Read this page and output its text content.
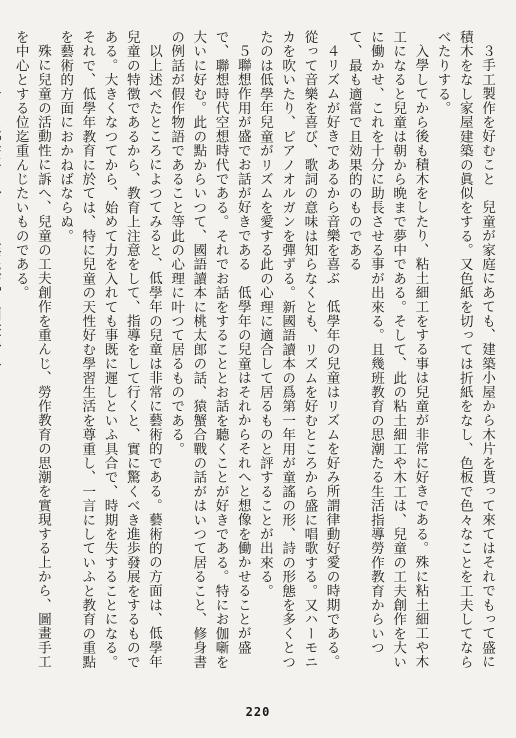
３手工製作を好むこと　兒童が家庭にあても、建築小屋から木片を貰って來てはそれでもって盛に積木をなし家屋建築の眞似をする。又色紙を切っては折紙をなし、色板で色々なことを工夫してならべたりする。

入學してから後も積木をしたり、粘土細工をする事は兒童が非常に好きである。殊に粘土細工や木工になると兒童は朝から晩まで夢中である。そして、此の粘土細工や木工は、兒童の工夫創作を大いに働かせ、これを十分に助長させる事が出來る。且幾班教育の思潮たる生活指導勞作教育からいつて、最も適當で且効果的のものである

４リズムが好きであるから音樂を喜ぶ　低學年の兒童はリズムを好み所謂律動好愛の時期である。從って音樂を喜び、歌詞の意味は知らなくとも、リズムを好むところから盛に唱歌する。又ハーモニカを吹いたり、ピアノオルガンを彈ずる。新國語讀本の爲第一年用が童謠の形、詩の形態を多くとつたのは低學年兒童がリズムを愛する此の心理に適合して居るものと評することが出來る。

５聯想作用が盛でお話が好きである　低學年の兒童はそれからそれへと想像を働かせることが盛で、聯想時代空想時代である。それでお話をすることとお話を聽くことが好きである。特にお伽噺を大いに好む。此の點からいつて、國語讀本に桃太郎の話、猿蟹合戰の話がはいつて居ること、修身書の例話が假作物語であること等此の心理に叶つて居るものである。

以上述べたところによつてみると、低學年の兒童は非常に藝術的である。藝術的の方面は、低學年兒童の特徴であるから、教育上注意をして、指導をして行くと、實に驚くべき進歩發展をするものである。大きくなつてから、始めて力を入れても事既に遲しといふ具合で、時期を失することになる。それで、低學年教育に於ては、特に兒童の天性好む學習生活を尊重し、一言にしていふと教育の重點を藝術的方面におかねばならぬ。

殊に兒童の活動性に訴へ、兒童の工夫創作を重んじ、勞作教育の思潮を實現する上から、圖畫手工を中心とする位迄重んじたいものである。

220
